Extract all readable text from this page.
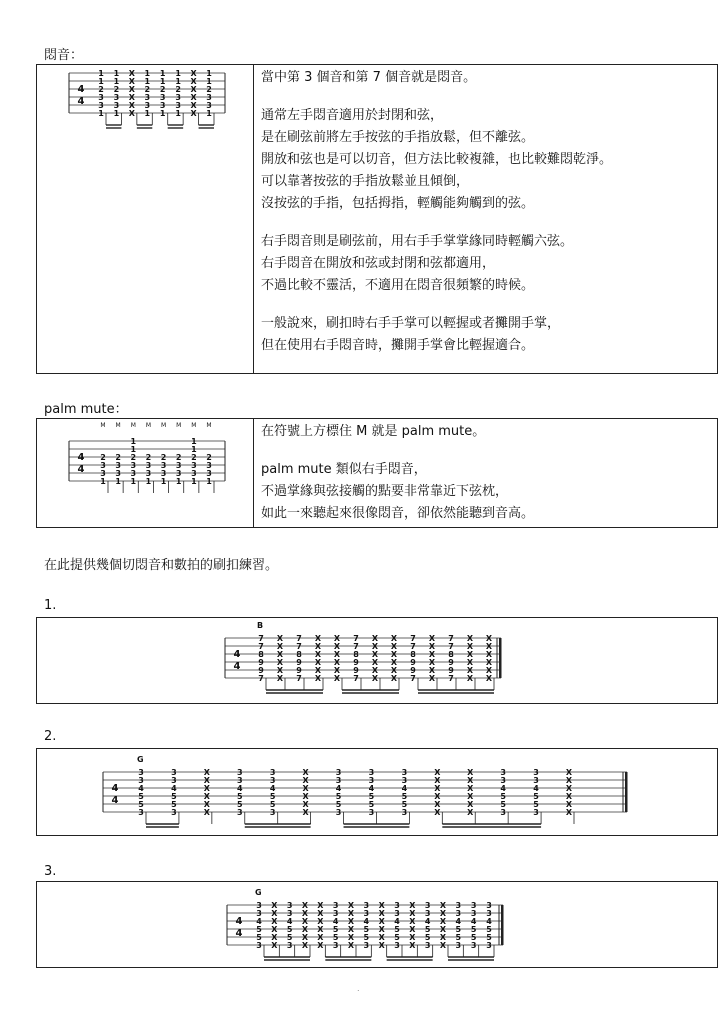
悶音：
4
4
1
1
2
3
3
1
1
1
2
3
3
1
X
X
X
X
X
X
1
1
2
3
3
1
1
1
2
3
3
1
1
1
2
3
3
1
X
X
X
X
X
X
1
1
2
3
3
1
當中第 3 個音和第 7 個音就是悶音。
通常左手悶音適用於封閉和弦，
是在刷弦前將左手按弦的手指放鬆，但不離弦。
開放和弦也是可以切音，但方法比較複雜，也比較難悶乾淨。
可以靠著按弦的手指放鬆並且傾倒，
沒按弦的手指，包括拇指，輕觸能夠觸到的弦。
右手悶音則是刷弦前，用右手手掌掌緣同時輕觸六弦。
右手悶音在開放和弦或封閉和弦都適用，
不過比較不靈活，不適用在悶音很頻繁的時候。
一般說來，刷扣時右手手掌可以輕握或者攤開手掌，
但在使用右手悶音時，攤開手掌會比輕握適合。
palm mute：
4
4
2
3
3
1
M
2
3
3
1
M
1
1
2
3
3
1
M
2
3
3
1
M
2
3
3
1
M
2
3
3
1
M
1
1
2
3
3
1
M
2
3
3
1
M	在符號上方標住 M 就是 palm mute。
palm mute 類似右手悶音，
不過掌緣與弦接觸的點要非常靠近下弦枕，
如此一來聽起來很像悶音，卻依然能聽到音高。
在此提供幾個切悶音和數拍的刷扣練習。
1.
4
4
B
7
7
8
9
9
7
X
X
X
X
X
X
7
7
8
9
9
7
X
X
X
X
X
X
X
X
X
X
X
X
7
7
8
9
9
7
X
X
X
X
X
X
X
X
X
X
X
X
7
7
8
9
9
7
X
X
X
X
X
X
7
7
8
9
9
7
X
X
X
X
X
X
X
X
X
X
X
X
2.
4
4
G
3
3
4
5
5
3
3
3
4
5
5
3
X
X
X
X
X
X
3
3
4
5
5
3
3
3
4
5
5
3
X
X
X
X
X
X
3
3
4
5
5
3
3
3
4
5
5
3
3
3
4
5
5
3
X
X
X
X
X
X
X
X
X
X
X
X
3
3
4
5
5
3
3
3
4
5
5
3
X
X
X
X
X
X
3.
4
4
G
3
3
4
5
5
3
X
X
X
X
X
X
3
3
4
5
5
3
X
X
X
X
X
X
X
X
X
X
X
X
3
3
4
5
5
3
X
X
X
X
X
X
3
3
4
5
5
3
X
X
X
X
X
X
3
3
4
5
5
3
X
X
X
X
X
X
3
3
4
5
5
3
X
X
X
X
X
X
3
3
4
5
5
3
3
3
4
5
5
3
3
3
4
5
5
3
.
